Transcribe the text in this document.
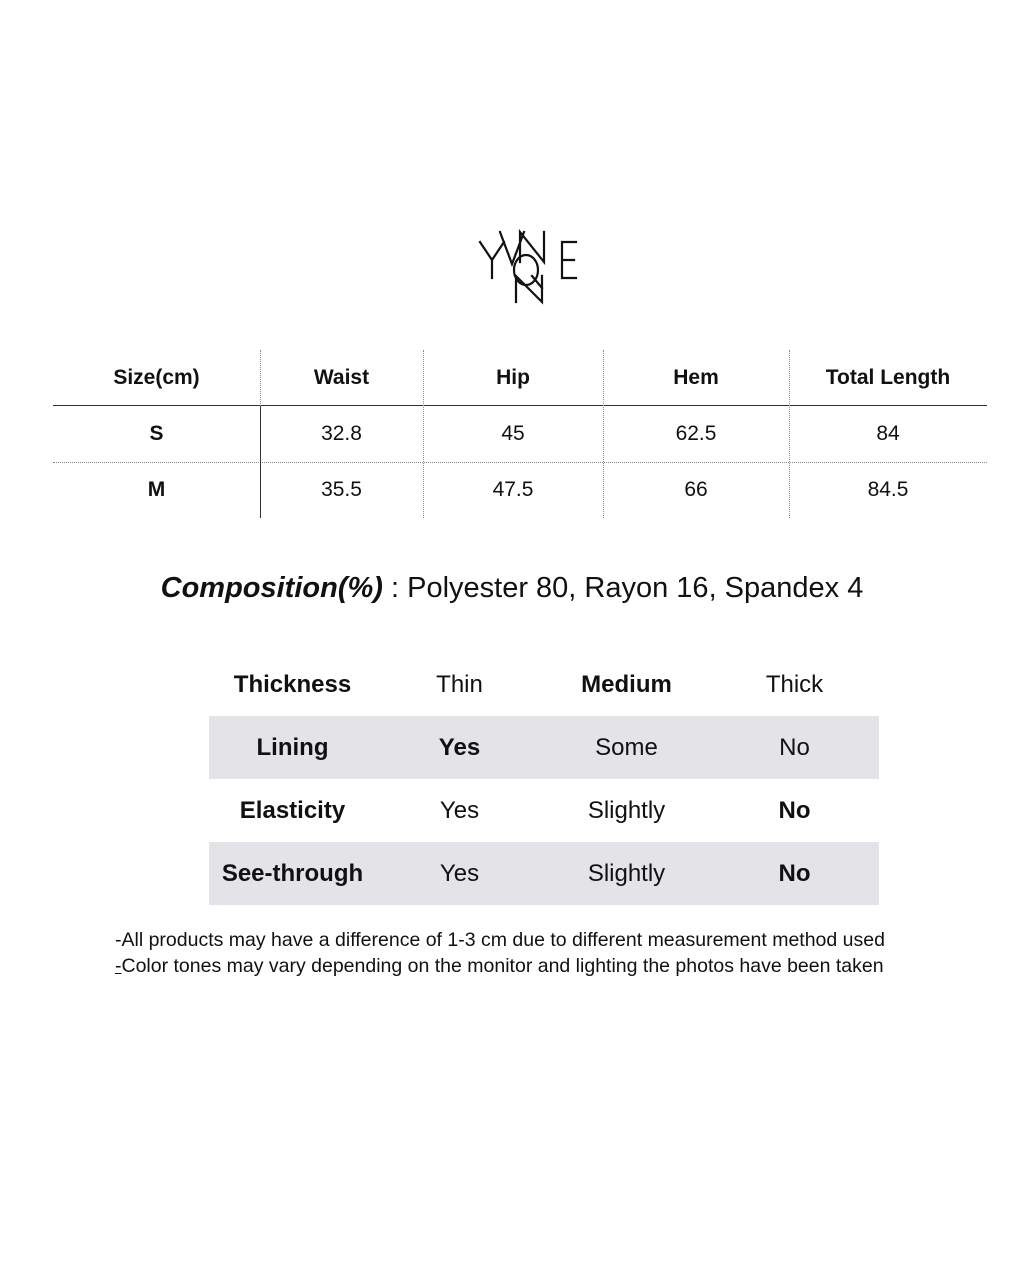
Size(cm)	Waist	Hip	Hem	Total Length
S	32.8	45	62.5	84
M	35.5	47.5	66	84.5
Composition(%) : Polyester 80, Rayon 16, Spandex 4
Thickness	Thin	Medium	Thick
Lining	Yes	Some	No
Elasticity	Yes	Slightly	No
See-through	Yes	Slightly	No
-All products may have a difference of 1-3 cm due to different measurement method used
-Color tones may vary depending on the monitor and lighting the photos have been taken
